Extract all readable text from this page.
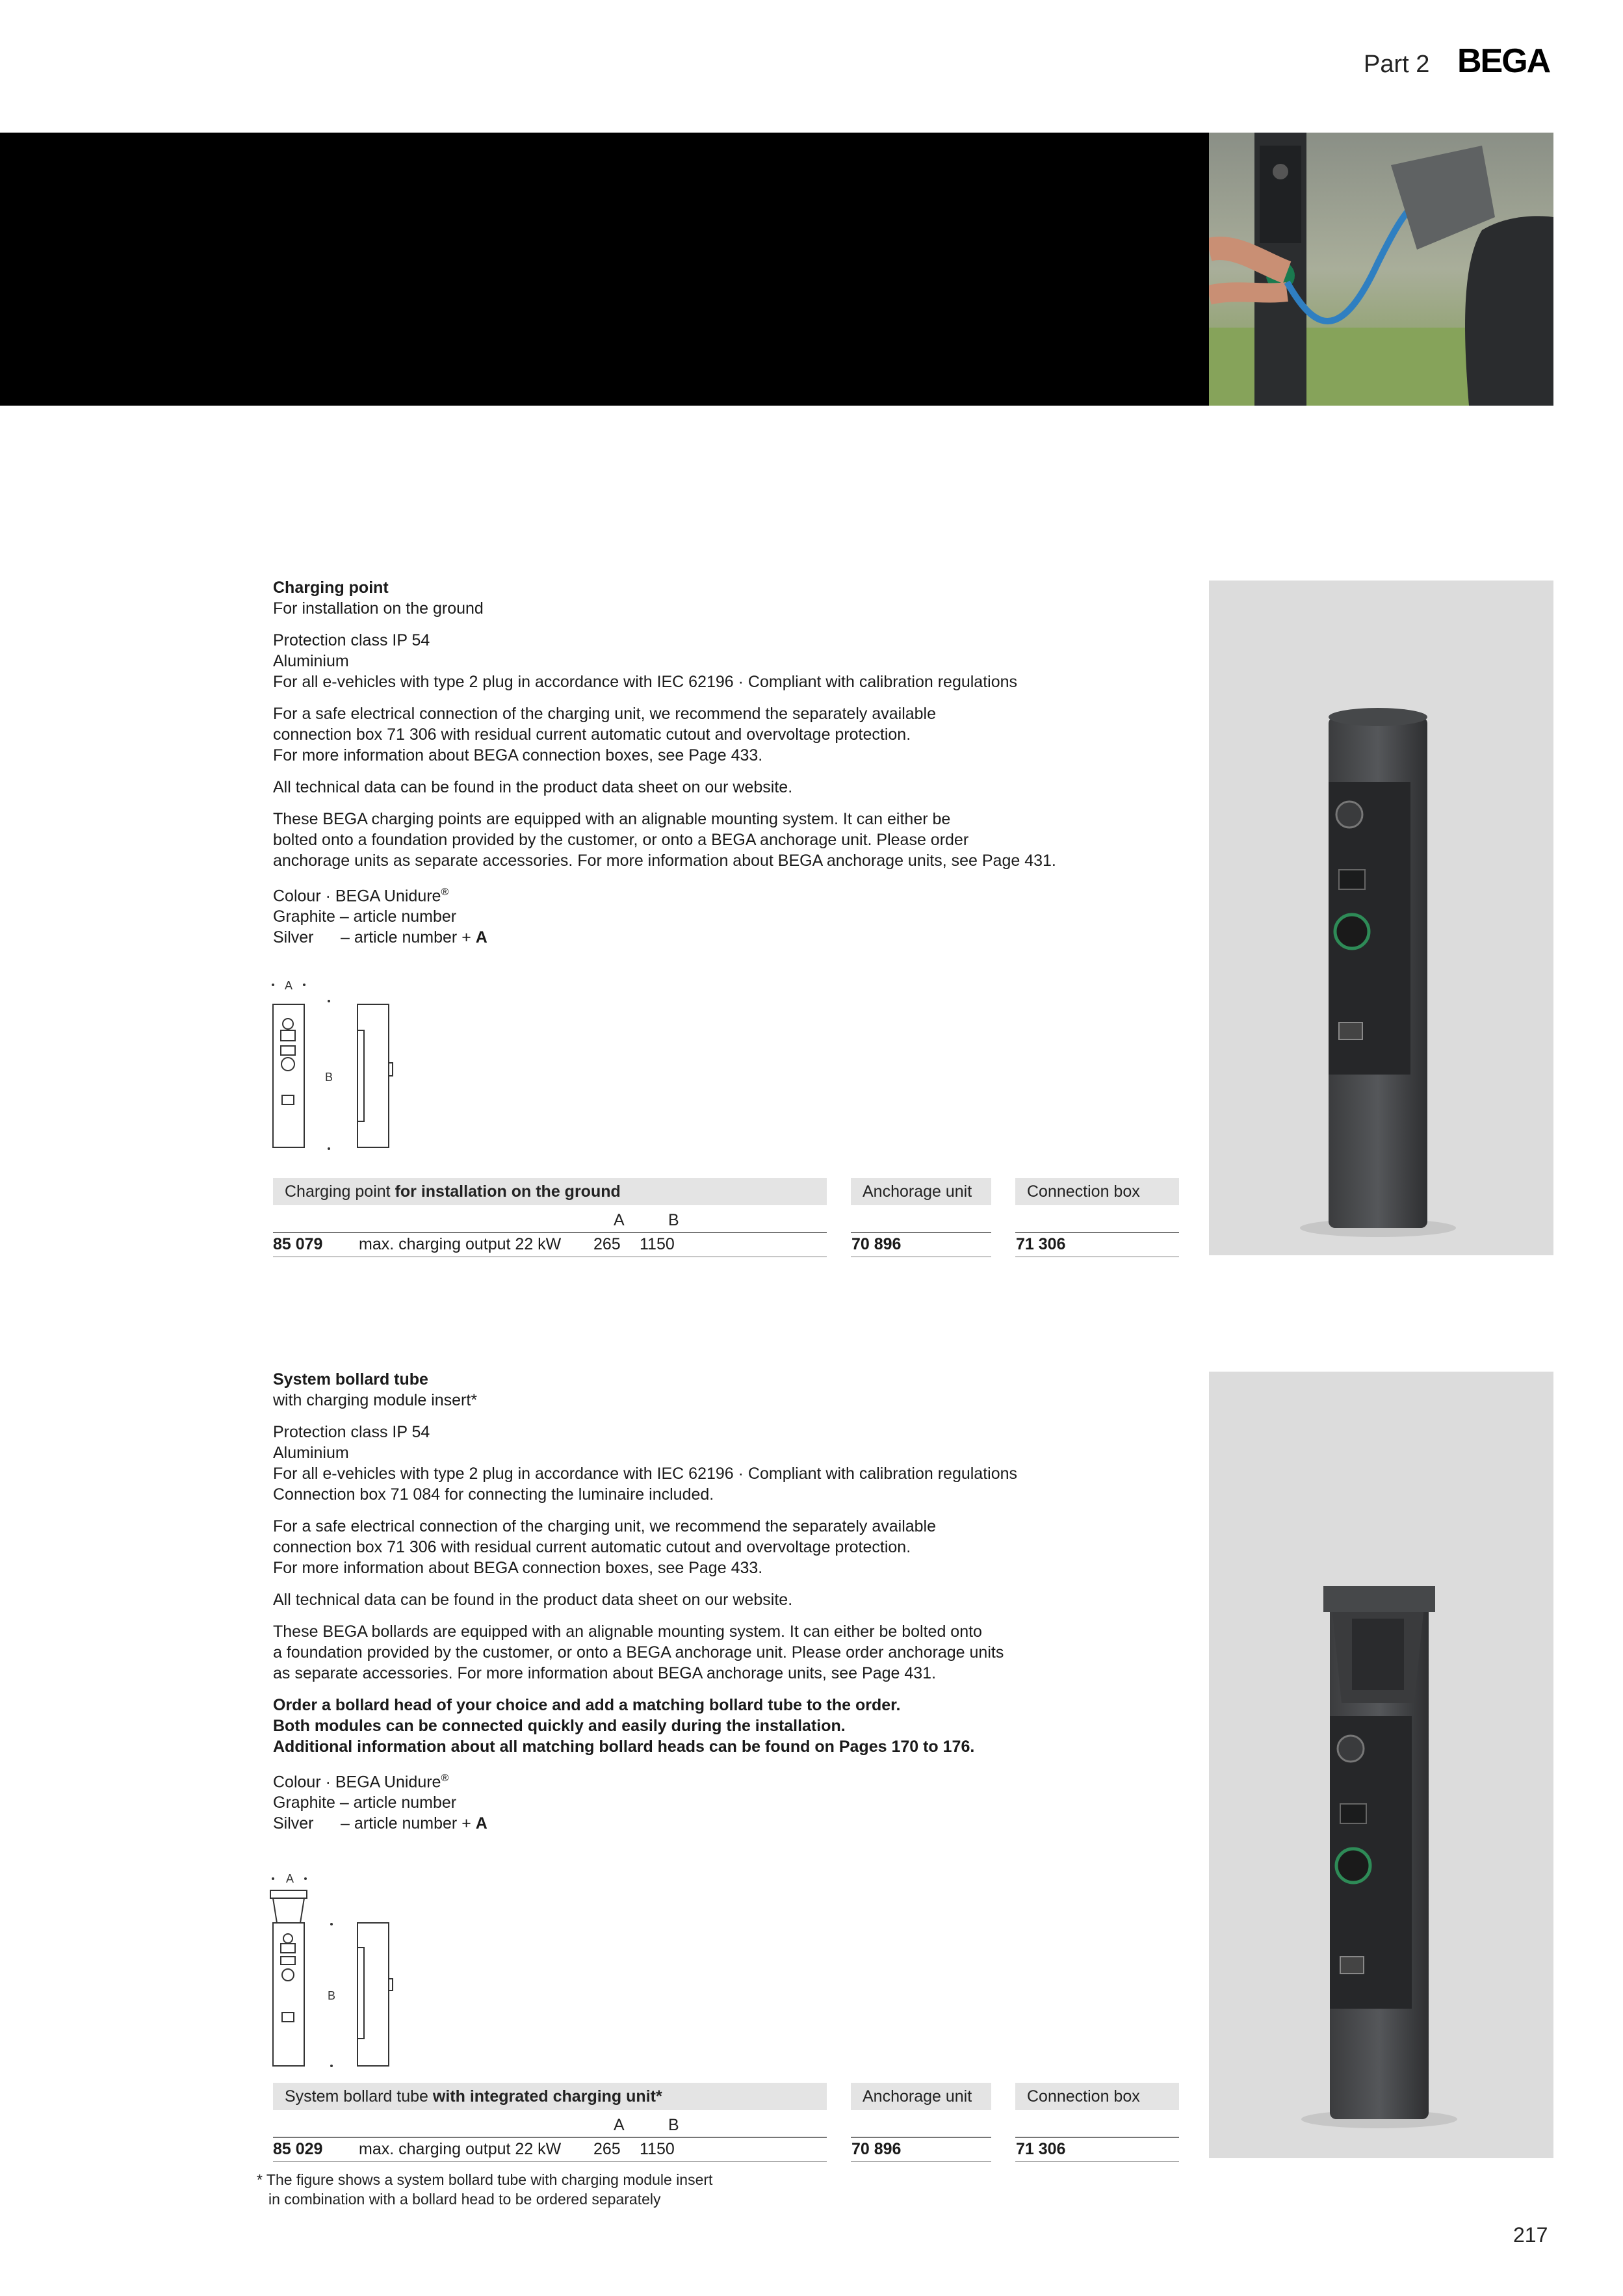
Part 2 BEGA

Charging point
For installation on the ground

Protection class IP 54
Aluminium
For all e-vehicles with type 2 plug in accordance with IEC 62196 · Compliant with calibration regulations

For a safe electrical connection of the charging unit, we recommend the separately available
connection box 71 306 with residual current automatic cutout and overvoltage protection.
For more information about BEGA connection boxes, see Page 433.

All technical data can be found in the product data sheet on our website.

These BEGA charging points are equipped with an alignable mounting system. It can either be
bolted onto a foundation provided by the customer, or onto a BEGA anchorage unit. Please order
anchorage units as separate accessories. For more information about BEGA anchorage units, see Page 431.

Colour · BEGA Unidure®
Graphite – article number
Silver – article number + A

A
B
Charging point for installation on the ground	Anchorage unit	Connection box
A	B
85 079 max. charging output 22 kW 265 1150	70 896	71 306

System bollard tube
with charging module insert*

Protection class IP 54
Aluminium
For all e-vehicles with type 2 plug in accordance with IEC 62196 · Compliant with calibration regulations
Connection box 71 084 for connecting the luminaire included.

For a safe electrical connection of the charging unit, we recommend the separately available
connection box 71 306 with residual current automatic cutout and overvoltage protection.
For more information about BEGA connection boxes, see Page 433.

All technical data can be found in the product data sheet on our website.

These BEGA bollards are equipped with an alignable mounting system. It can either be bolted onto
a foundation provided by the customer, or onto a BEGA anchorage unit. Please order anchorage units
as separate accessories. For more information about BEGA anchorage units, see Page 431.

Order a bollard head of your choice and add a matching bollard tube to the order.
Both modules can be connected quickly and easily during the installation.
Additional information about all matching bollard heads can be found on Pages 170 to 176.

Colour · BEGA Unidure®
Graphite – article number
Silver – article number + A

A
B
System bollard tube with integrated charging unit*	Anchorage unit	Connection box
A	B
85 029 max. charging output 22 kW 265 1150	70 896	71 306
* The figure shows a system bollard tube with charging module insert
in combination with a bollard head to be ordered separately
217
